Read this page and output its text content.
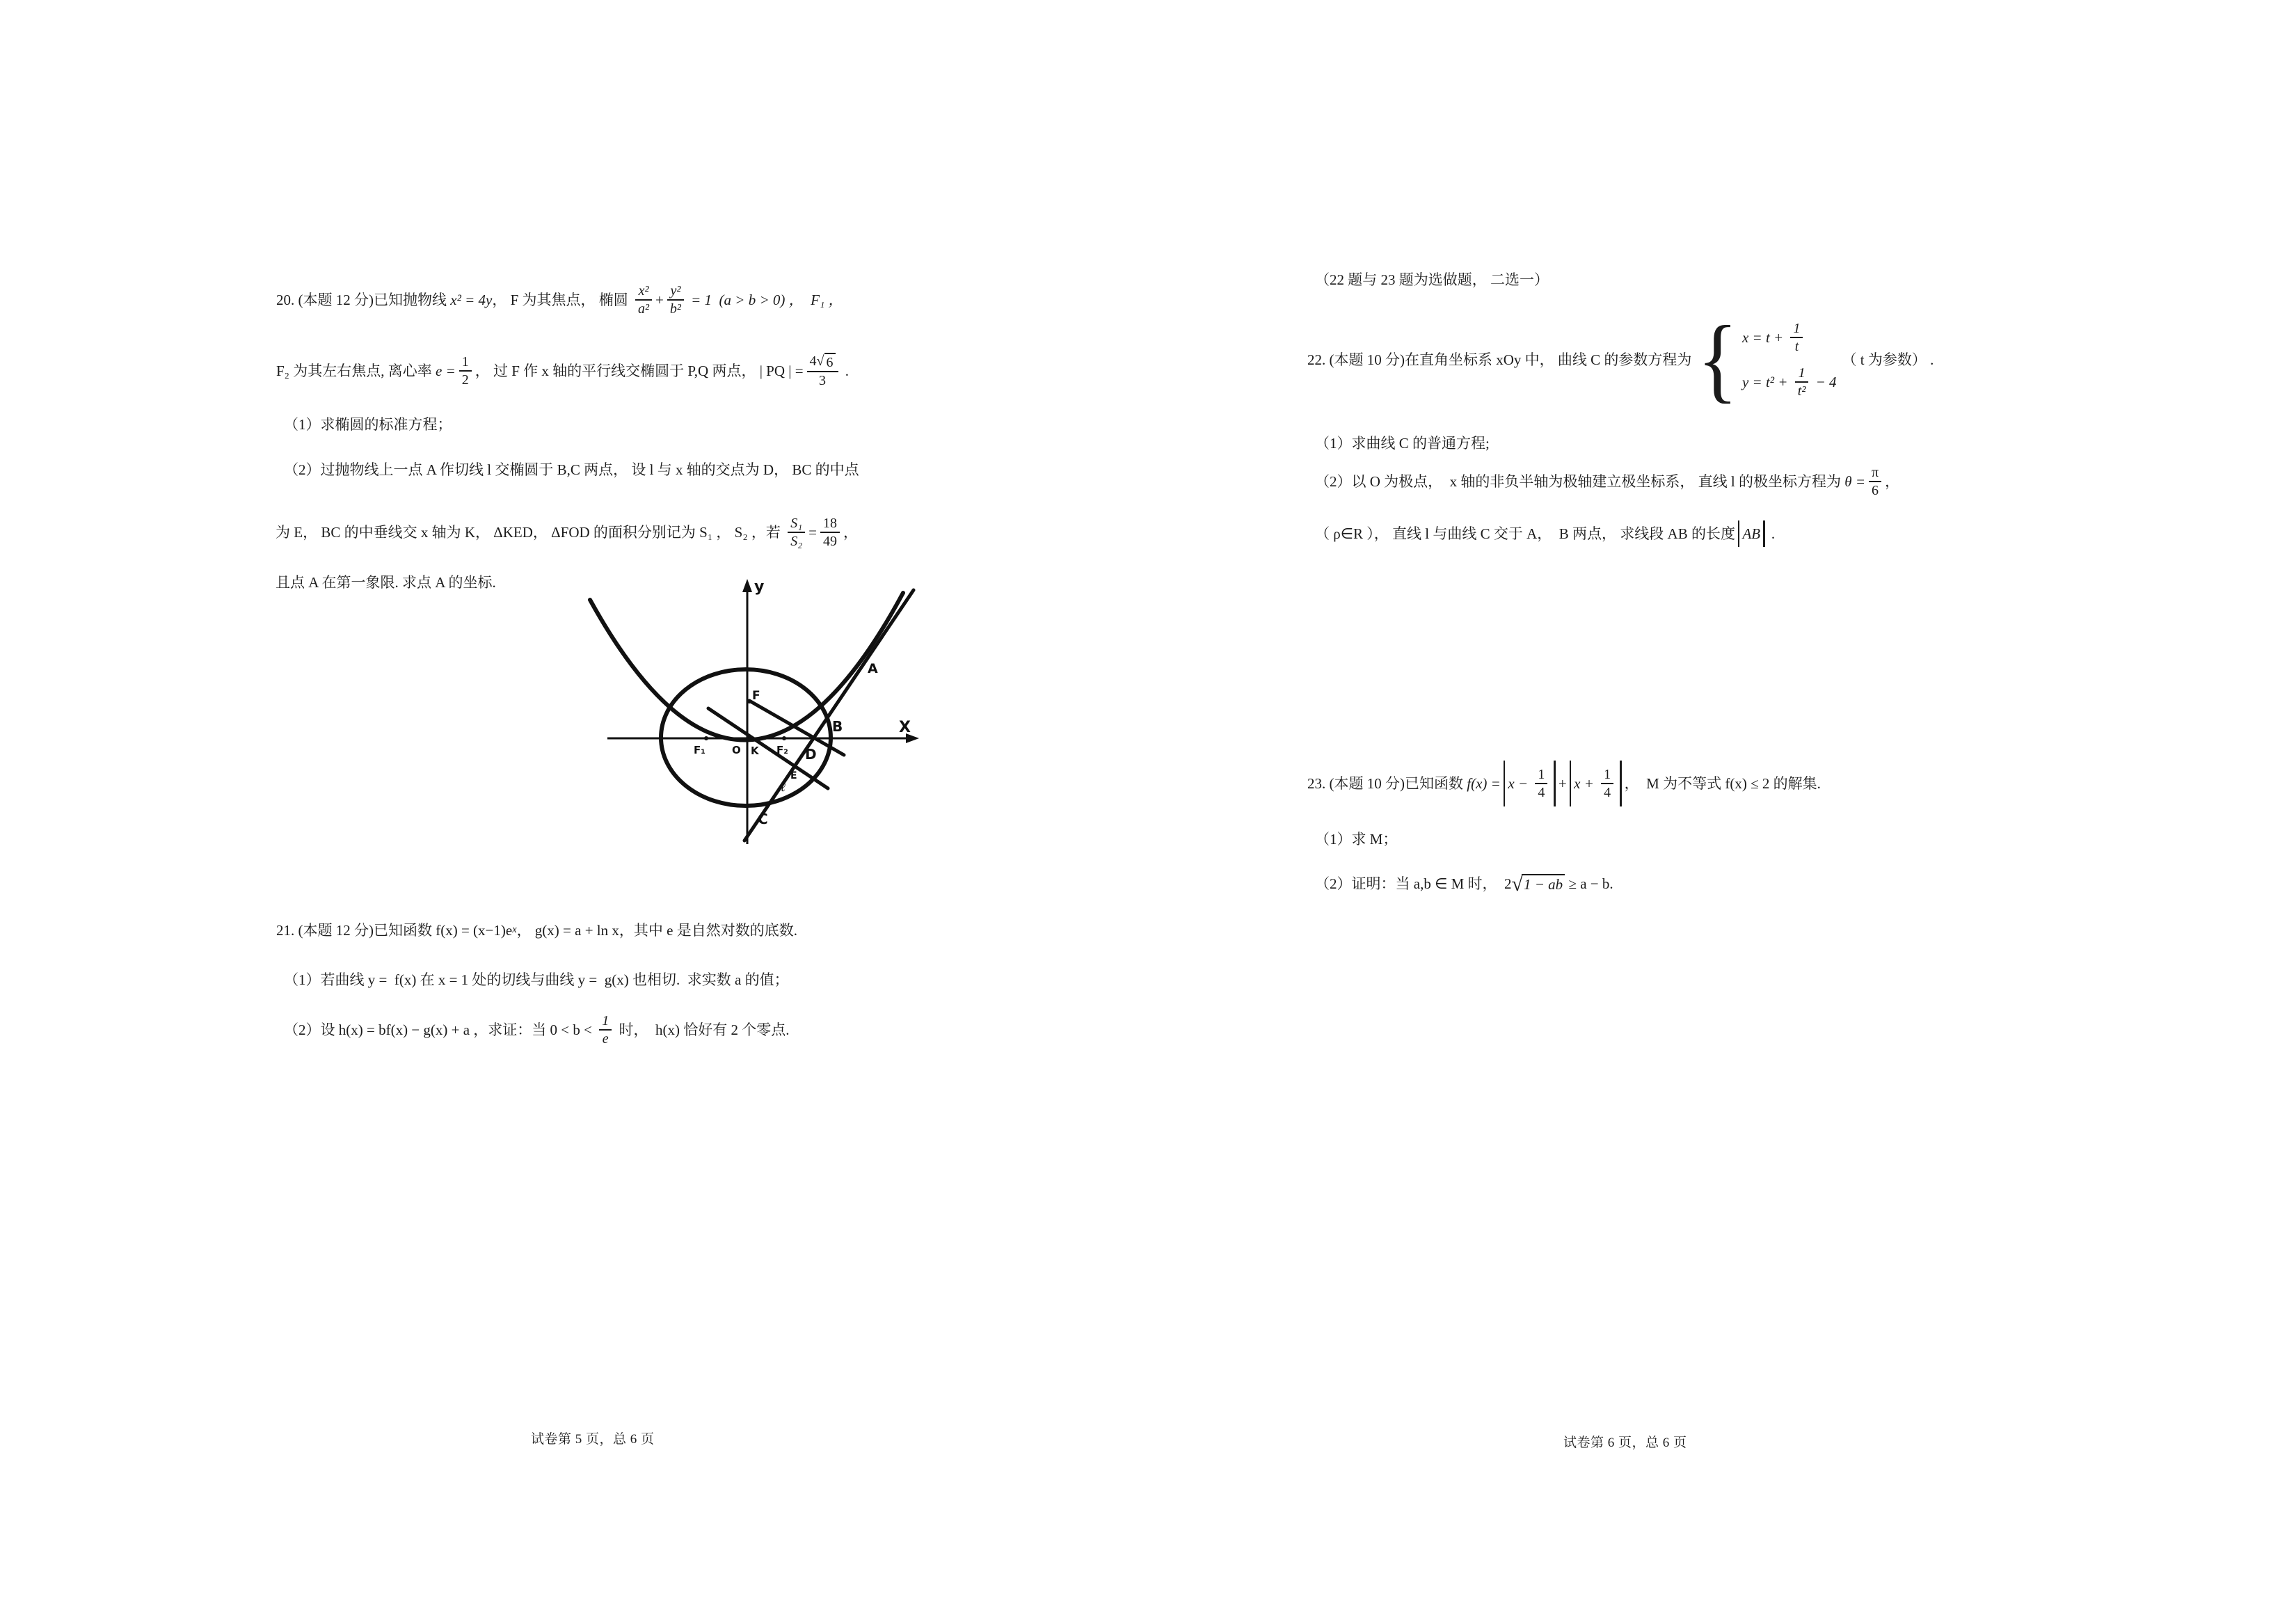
20. (本题 12 分)已知抛物线 x² = 4y ， F 为其焦点， 椭圆 $\frac{\text{x²}}{\text{a²}} + \frac{\text{y²}}{\text{b²}} = 1$  (a > b > 0) ，  F₁ ，
F₂ 为其左右焦点, 离心率 $e = \frac{1}{2}$ ， 过 F 作 x 轴的平行线交椭圆于 P,Q 两点， | PQ | = $\frac{4√ 6}{3}$ .
（1）求椭圆的标准方程；
（2）过抛物线上一点 A 作切线 l 交椭圆于 B,C 两点， 设 l 与 x 轴的交点为 D， BC 的中点
为 E， BC 的中垂线交 x 轴为 K， ΔKED， ΔFOD 的面积分别记为 S₁ ， S₂ ，若 $\frac{\text{S₁}}{\text{S₂}} = \frac{18}{49}$ ，
且点 A 在第一象限. 求点 A 的坐标.	y
X
F
F₁	O K F₂ D
B
E
ℓ
C
A
21. (本题 12 分)已知函数 f(x) = (x−1)e x ， g(x) = a + ln x，其中 e 是自然对数的底数.
（1）若曲线 y =  f(x) 在 x = 1 处的切线与曲线 y =  g(x) 也相切.  求实数 a 的值；
（2）设 h(x) = bf(x) − g(x) + a ，求证：当 $0 < b < \frac{1}{e}$ 时，  h(x) 恰好有 2 个零点.
试卷第 5 页，总 6 页
（22 题与 23 题为选做题， 二选一）
22. (本题 10 分)在直角坐标系 xOy 中， 曲线 C 的参数方程为 { $x = t + \frac{1}{t}$
$y = t^2 + \frac{1}{\text{t²}} - 4$
（ t 为参数） .
（1）求曲线 C 的普通方程;
（2）以 O 为极点，  x 轴的非负半轴为极轴建立极坐标系， 直线 l 的极坐标方程为 $\theta = \frac{\pi}{6}$ ，
（ ρ∈R ）， 直线 l 与曲线 C 交于 A，  B 两点， 求线段 AB 的长度 AB .
23. (本题 10 分)已知函数 $f(x) = x - \frac{1}{4} + x + \frac{1}{4}$ ，  M 为不等式 f(x) ≤ 2 的解集.
（1）求 M；
（2）证明：当 a,b ∈ M 时，  2 √ 1 − ab ≥ a − b.
试卷第 6 页，总 6 页
